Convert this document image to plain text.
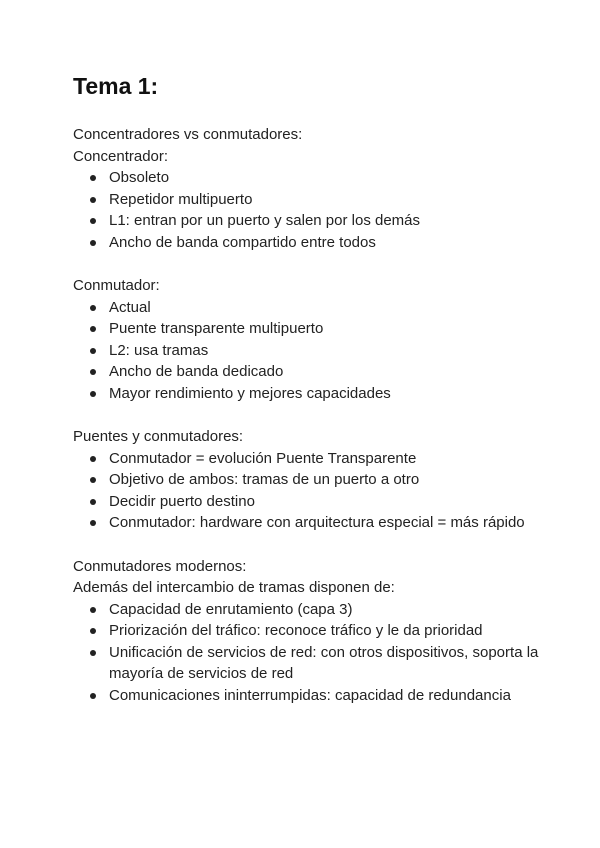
Tema 1:
Concentradores vs conmutadores:
Concentrador:
Obsoleto
Repetidor multipuerto
L1: entran por un puerto y salen por los demás
Ancho de banda compartido entre todos
Conmutador:
Actual
Puente transparente multipuerto
L2: usa tramas
Ancho de banda dedicado
Mayor rendimiento y mejores capacidades
Puentes y conmutadores:
Conmutador = evolución Puente Transparente
Objetivo de ambos: tramas de un puerto a otro
Decidir puerto destino
Conmutador: hardware con arquitectura especial = más rápido
Conmutadores modernos:
Además del intercambio de tramas disponen de:
Capacidad de enrutamiento (capa 3)
Priorización del tráfico: reconoce tráfico y le da prioridad
Unificación de servicios de red: con otros dispositivos, soporta la mayoría de servicios de red
Comunicaciones ininterrumpidas: capacidad de redundancia
